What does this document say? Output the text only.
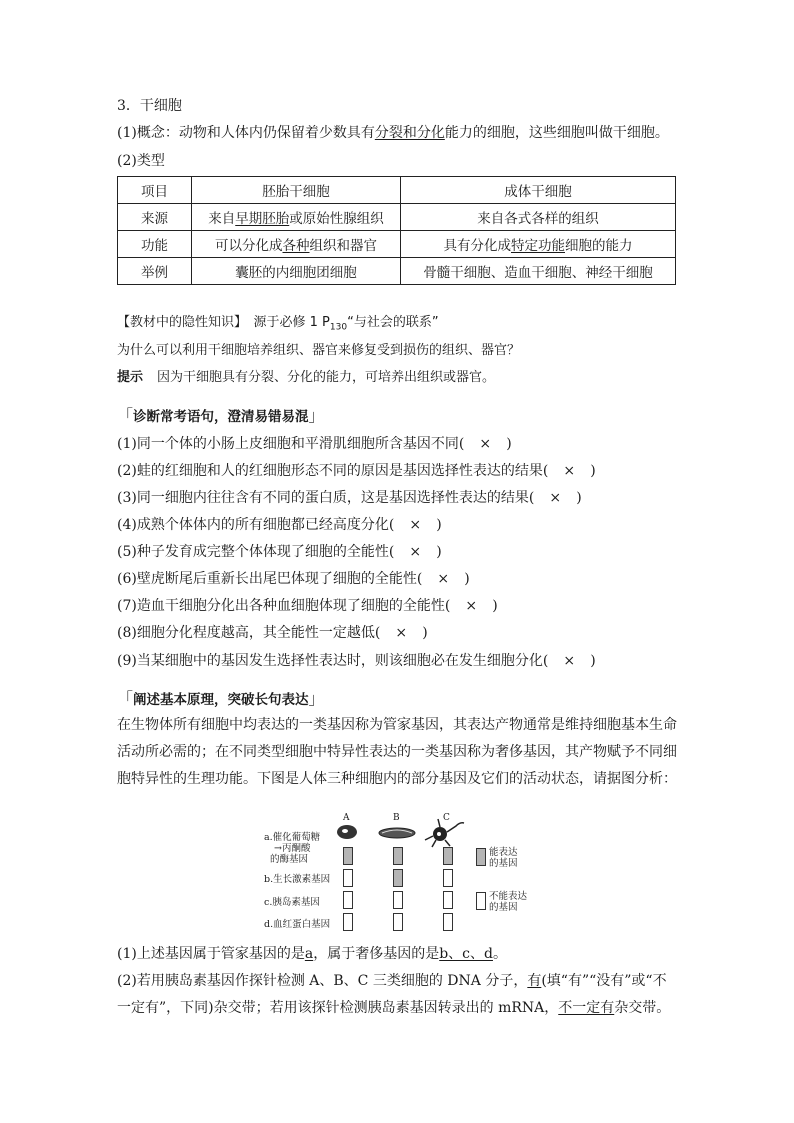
3．干细胞
(1)概念：动物和人体内仍保留着少数具有分裂和分化能力的细胞，这些细胞叫做干细胞。
(2)类型
项目	胚胎干细胞	成体干细胞
来源	来自早期胚胎或原始性腺组织	来自各式各样的组织
功能	可以分化成各种组织和器官	具有分化成特定功能细胞的能力
举例	囊胚的内细胞团细胞	骨髓干细胞、造血干细胞、神经干细胞
【教材中的隐性知识】　源于必修 1 $P_{130}“$与社会的联系”
为什么可以利用干细胞培养组织、器官来修复受到损伤的组织、器官？
提示 因为干细胞具有分裂、分化的能力，可培养出组织或器官。
「诊断常考语句，澄清易错易混」
(1)同一个体的小肠上皮细胞和平滑肌细胞所含基因不同( × )
(2)蛙的红细胞和人的红细胞形态不同的原因是基因选择性表达的结果( × )
(3)同一细胞内往往含有不同的蛋白质，这是基因选择性表达的结果( × )
(4)成熟个体体内的所有细胞都已经高度分化( × )
(5)种子发育成完整个体体现了细胞的全能性( × )
(6)壁虎断尾后重新长出尾巴体现了细胞的全能性( × )
(7)造血干细胞分化出各种血细胞体现了细胞的全能性( × )
(8)细胞分化程度越高，其全能性一定越低( × )
(9)当某细胞中的基因发生选择性表达时，则该细胞必在发生细胞分化( × )
「阐述基本原理，突破长句表达」
在生物体所有细胞中均表达的一类基因称为管家基因，其表达产物通常是维持细胞基本生命活动所必需的；在不同类型细胞中特异性表达的一类基因称为奢侈基因，其产物赋予不同细胞特异性的生理功能。下图是人体三种细胞内的部分基因及它们的活动状态，请据图分析：
A	B	C
a.催化葡萄糖
→丙酮酸
的酶基因
b.生长激素基因
c.胰岛素基因
d.血红蛋白基因
能表达
的基因
不能表达
的基因
(1)上述基因属于管家基因的是a，属于奢侈基因的是b、c、d。
(2)若用胰岛素基因作探针检测 A、B、C 三类细胞的 DNA 分子，有(填“有”“没有”或“不
一定有”，下同)杂交带；若用该探针检测胰岛素基因转录出的 mRNA，不一定有杂交带。
